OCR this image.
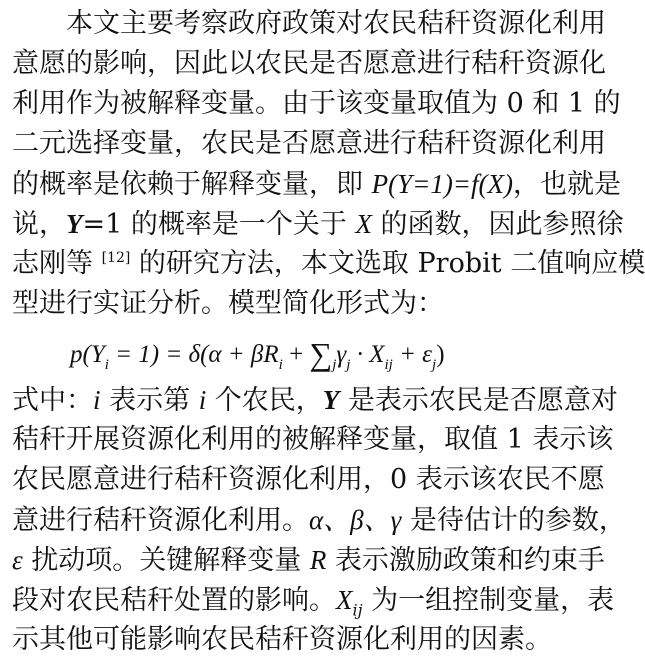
本文主要考察政府政策对农民秸秆资源化利用
意愿的影响，因此以农民是否愿意进行秸秆资源化
利用作为被解释变量。由于该变量取值为 0 和 1 的
二元选择变量，农民是否愿意进行秸秆资源化利用
的概率是依赖于解释变量，即 P(Y=1)=f(X)，也就是
说，Y=1 的概率是一个关于 X 的函数，因此参照徐
志刚等 [12] 的研究方法，本文选取 Probit 二值响应模
型进行实证分析。模型简化形式为：
$p(Y_i = 1) = \delta(\alpha + \beta R_i + \sum_j\gamma_j \cdot X_{ij} + \varepsilon_j)$
式中：i 表示第 i 个农民，Y 是表示农民是否愿意对
秸秆开展资源化利用的被解释变量，取值 1 表示该
农民愿意进行秸秆资源化利用，0 表示该农民不愿
意进行秸秆资源化利用。α、β、γ 是待估计的参数，
ε 扰动项。关键解释变量 R 表示激励政策和约束手
段对农民秸秆处置的影响。$X_{ij}$ 为一组控制变量，表
示其他可能影响农民秸秆资源化利用的因素。
